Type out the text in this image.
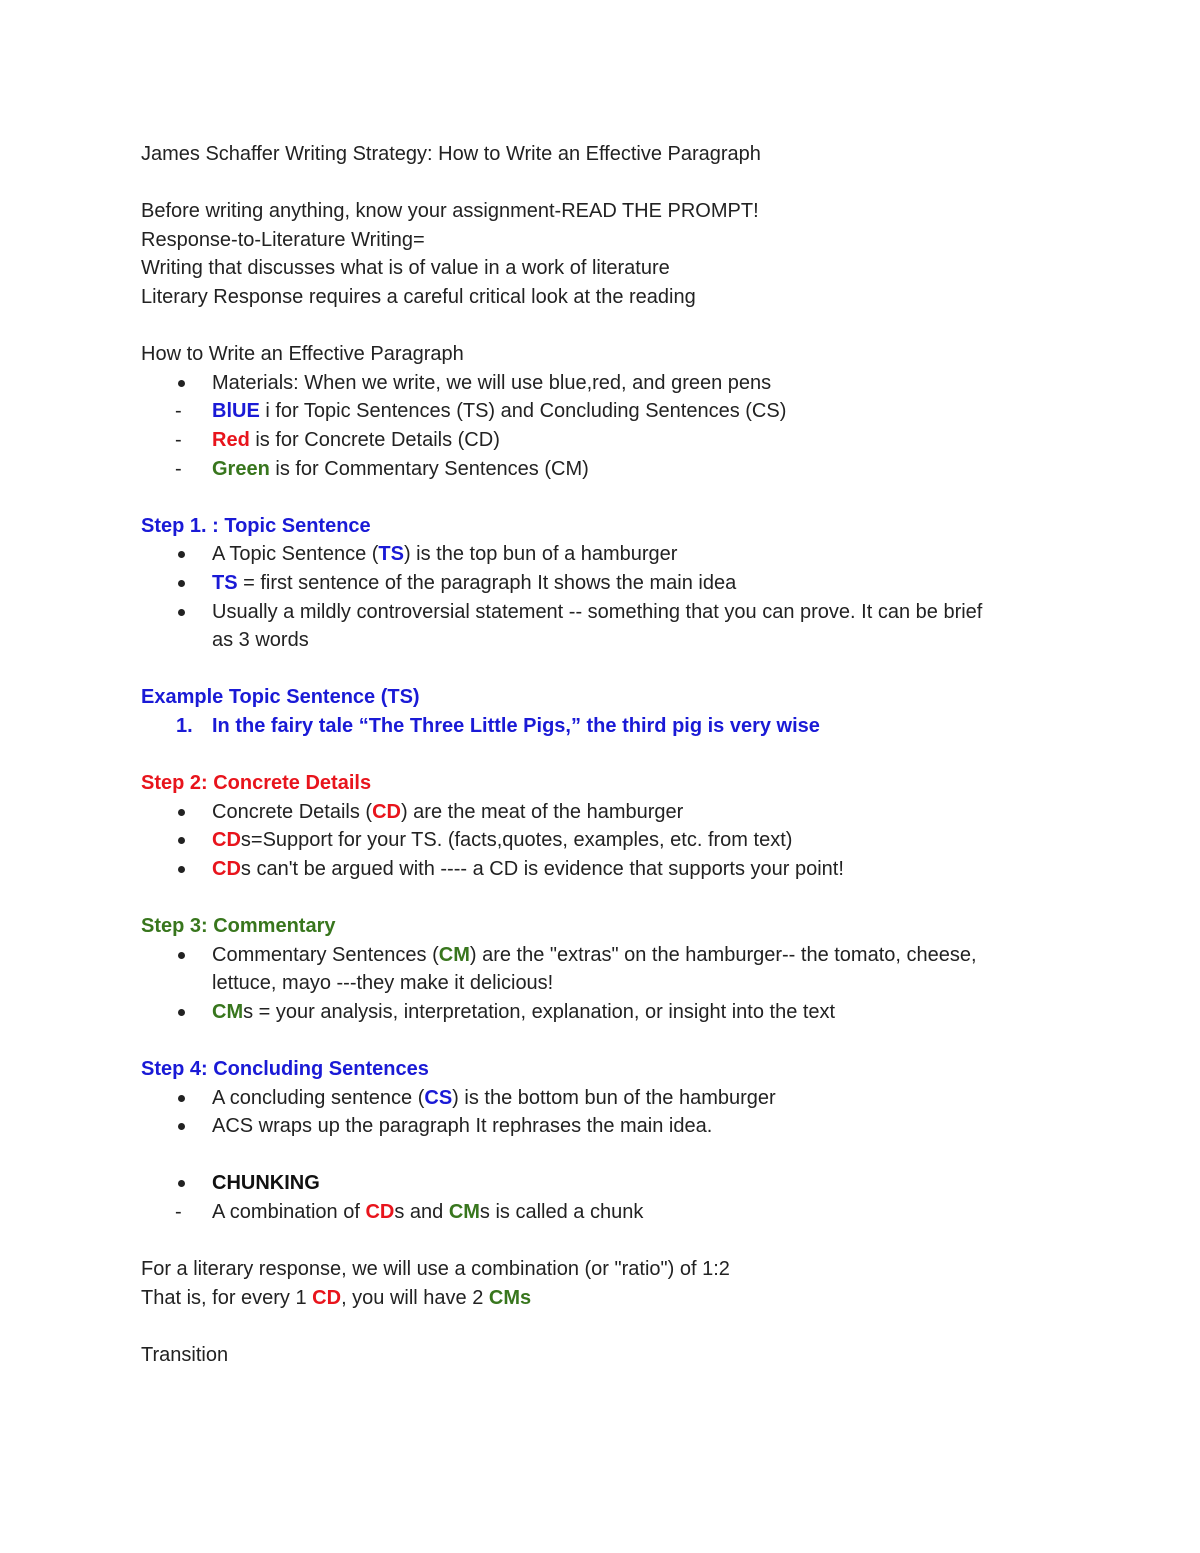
James Schaffer Writing Strategy: How to Write an Effective Paragraph
Before writing anything, know your assignment-READ THE PROMPT!
Response-to-Literature Writing=
Writing that discusses what is of value in a work of literature
Literary Response requires a careful critical look at the reading
How to Write an Effective Paragraph
Materials: When we write, we will use blue,red, and green pens
- BlUE i for Topic Sentences (TS) and Concluding Sentences (CS)
- Red is for Concrete Details (CD)
- Green is for Commentary Sentences (CM)
Step 1. : Topic Sentence
A Topic Sentence (TS) is the top bun of a hamburger
TS = first sentence of the paragraph It shows the main idea
Usually a mildly controversial statement -- something that you can prove. It can be brief
as 3 words
Example Topic Sentence (TS)
1. In the fairy tale “The Three Little Pigs,” the third pig is very wise
Step 2: Concrete Details
Concrete Details (CD) are the meat of the hamburger
CDs=Support for your TS. (facts,quotes, examples, etc. from text)
CDs can't be argued with ---- a CD is evidence that supports your point!
Step 3: Commentary
Commentary Sentences (CM) are the "extras" on the hamburger-- the tomato, cheese,
lettuce, mayo ---they make it delicious!
CMs = your analysis, interpretation, explanation, or insight into the text
Step 4: Concluding Sentences
A concluding sentence (CS) is the bottom bun of the hamburger
ACS wraps up the paragraph It rephrases the main idea.
CHUNKING
- A combination of CDs and CMs is called a chunk
For a literary response, we will use a combination (or "ratio") of 1:2
That is, for every 1 CD, you will have 2 CMs
Transition
